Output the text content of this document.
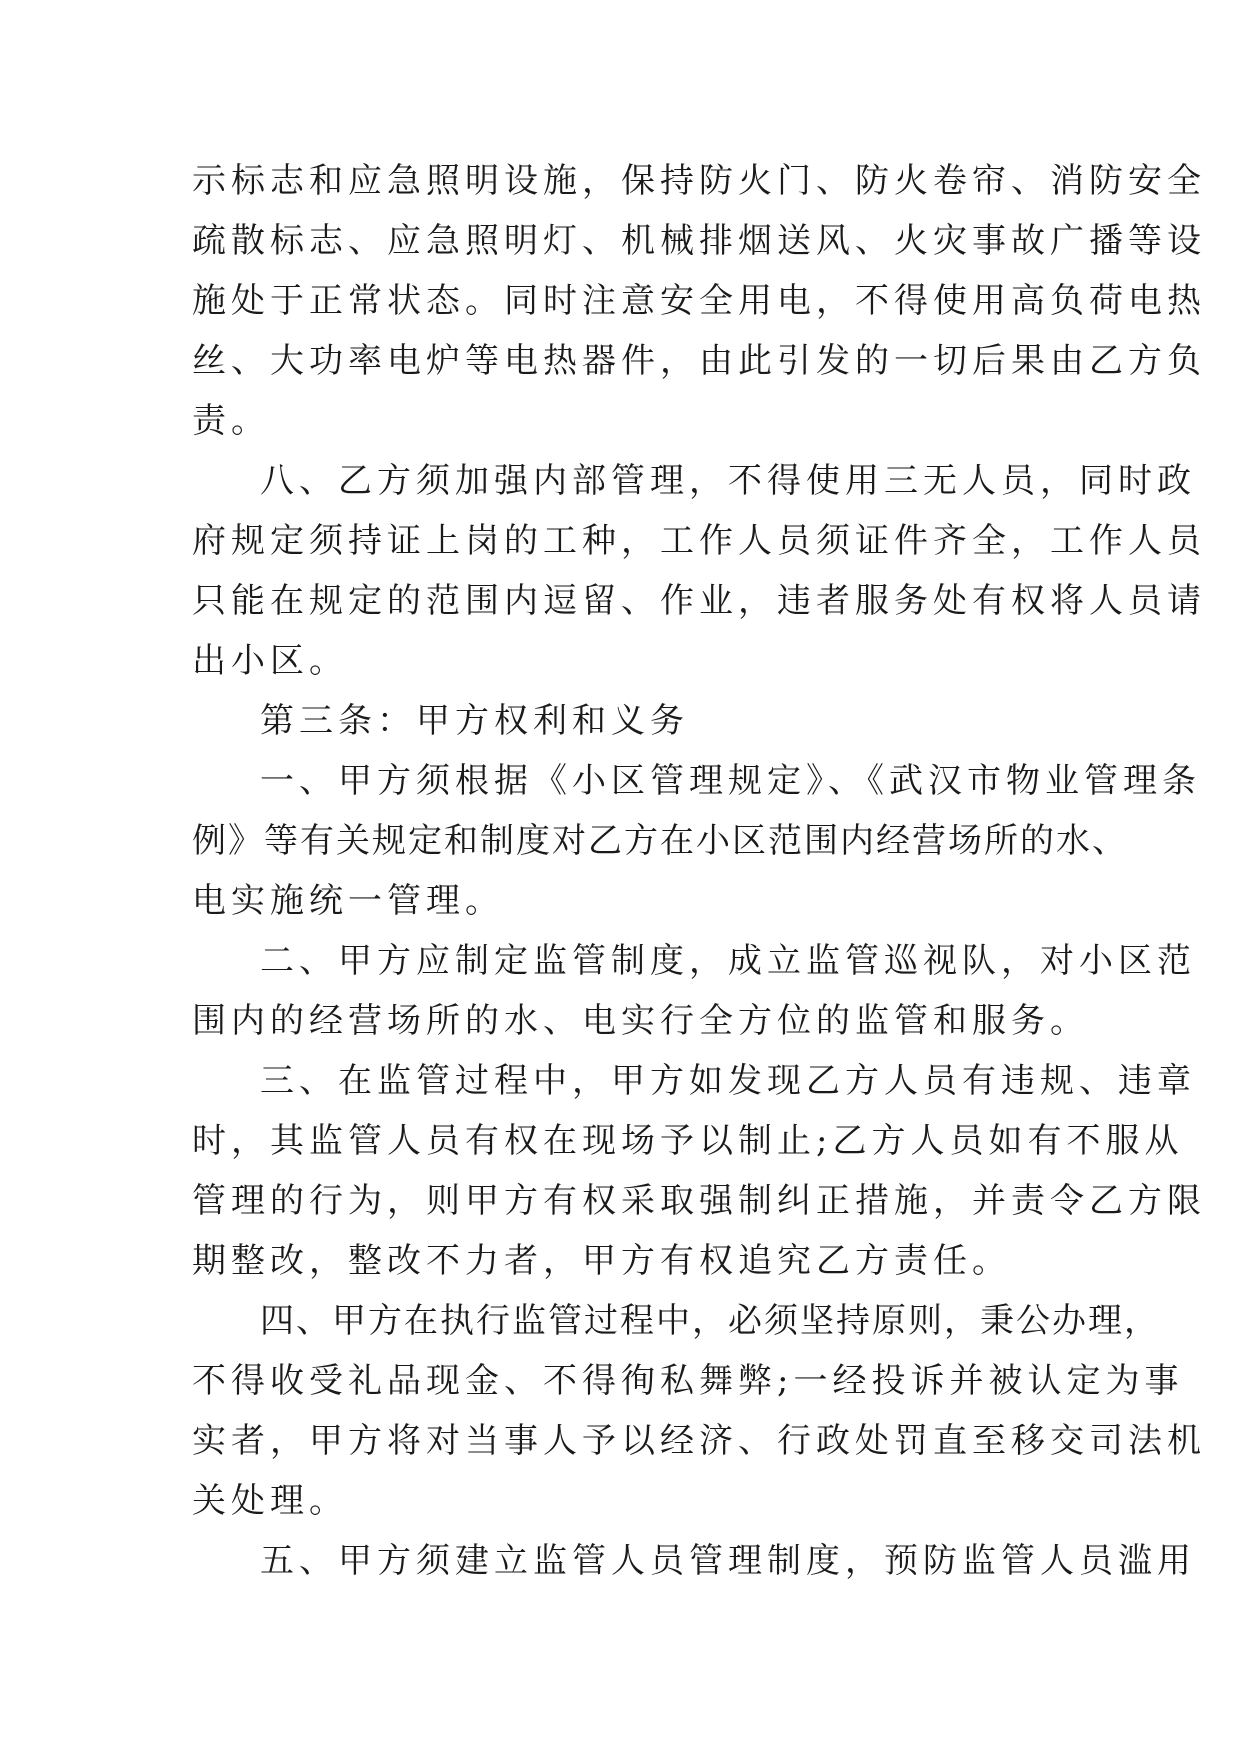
示标志和应急照明设施，保持防火门、防火卷帘、消防安全
疏散标志、应急照明灯、机械排烟送风、火灾事故广播等设
施处于正常状态。同时注意安全用电，不得使用高负荷电热
丝、大功率电炉等电热器件，由此引发的一切后果由乙方负
责。
八、乙方须加强内部管理，不得使用三无人员，同时政
府规定须持证上岗的工种，工作人员须证件齐全，工作人员
只能在规定的范围内逗留、作业，违者服务处有权将人员请
出小区。
第三条：甲方权利和义务
一、甲方须根据《小区管理规定》、《武汉市物业管理条
例》等有关规定和制度对乙方在小区范围内经营场所的水、
电实施统一管理。
二、甲方应制定监管制度，成立监管巡视队，对小区范
围内的经营场所的水、电实行全方位的监管和服务。
三、在监管过程中，甲方如发现乙方人员有违规、违章
时，其监管人员有权在现场予以制止;乙方人员如有不服从
管理的行为，则甲方有权采取强制纠正措施，并责令乙方限
期整改，整改不力者，甲方有权追究乙方责任。
四、甲方在执行监管过程中，必须坚持原则，秉公办理，
不得收受礼品现金、不得徇私舞弊;一经投诉并被认定为事
实者，甲方将对当事人予以经济、行政处罚直至移交司法机
关处理。
五、甲方须建立监管人员管理制度，预防监管人员滥用
